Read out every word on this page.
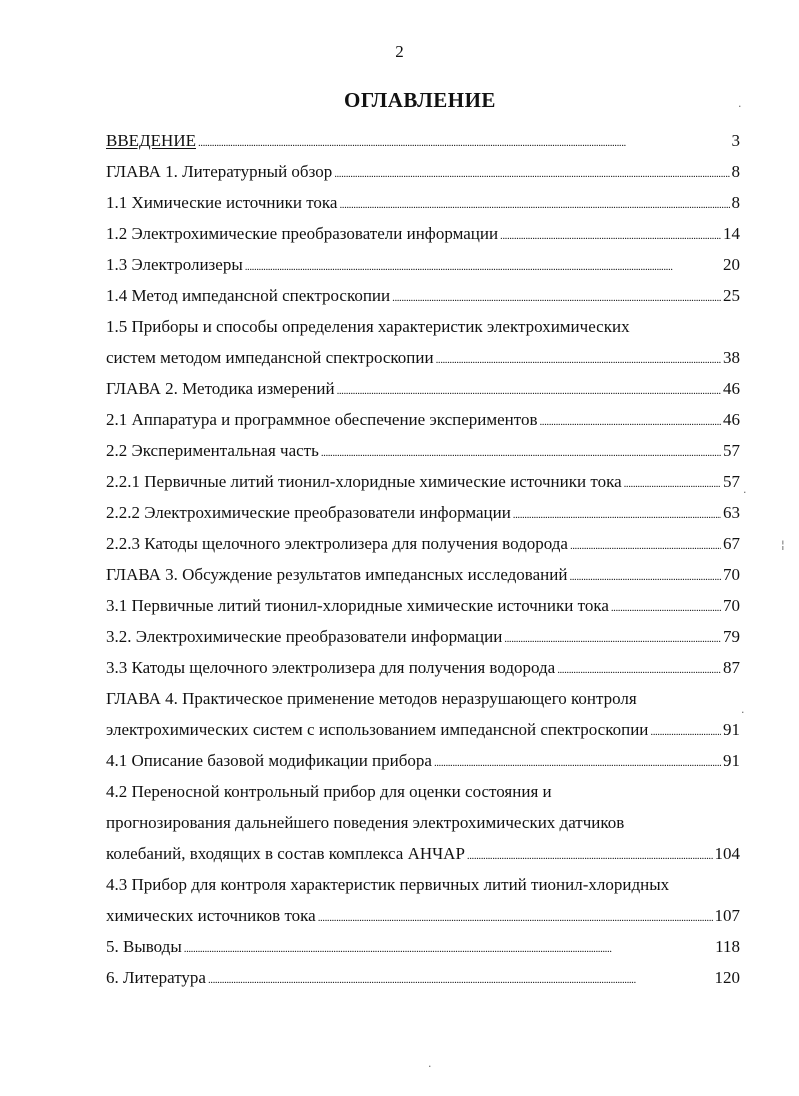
2
ОГЛАВЛЕНИЕ
ВВЕДЕНИЕ . . .	3
ГЛАВА 1. Литературный обзор . . .	8
1.1 Химические источники тока . . .	8
1.2 Электрохимические преобразователи информации . . .	14
1.3 Электролизеры . . .	20
1.4 Метод импедансной спектроскопии . . .	25
1.5 Приборы и способы определения характеристик электрохимических
систем методом импедансной спектроскопии . . .	38
ГЛАВА 2. Методика измерений . . .	46
2.1 Аппаратура и программное обеспечение экспериментов . . .	46
2.2 Экспериментальная часть . . .	57
2.2.1 Первичные литий тионил-хлоридные химические источники тока . . .	57
2.2.2 Электрохимические преобразователи информации . . .	63
2.2.3 Катоды щелочного электролизера для получения водорода . . .	67
ГЛАВА 3. Обсуждение результатов импедансных исследований . . .	70
3.1 Первичные литий тионил-хлоридные химические источники тока . . .	70
3.2. Электрохимические преобразователи информации . . .	79
3.3 Катоды щелочного электролизера для получения водорода . . .	87
ГЛАВА 4. Практическое применение методов неразрушающего контроля
электрохимических систем с использованием импедансной спектроскопии . . .	91
4.1 Описание базовой модификации прибора . . .	91
4.2 Переносной контрольный прибор для оценки состояния и
прогнозирования дальнейшего поведения электрохимических датчиков
колебаний, входящих в состав комплекса АНЧАР . . .	104
4.3 Прибор для контроля характеристик первичных литий тионил-хлоридных
химических источников тока . . .	107
5. Выводы . . .	118
6. Литература . . .	120
·
¦
·
·
·
